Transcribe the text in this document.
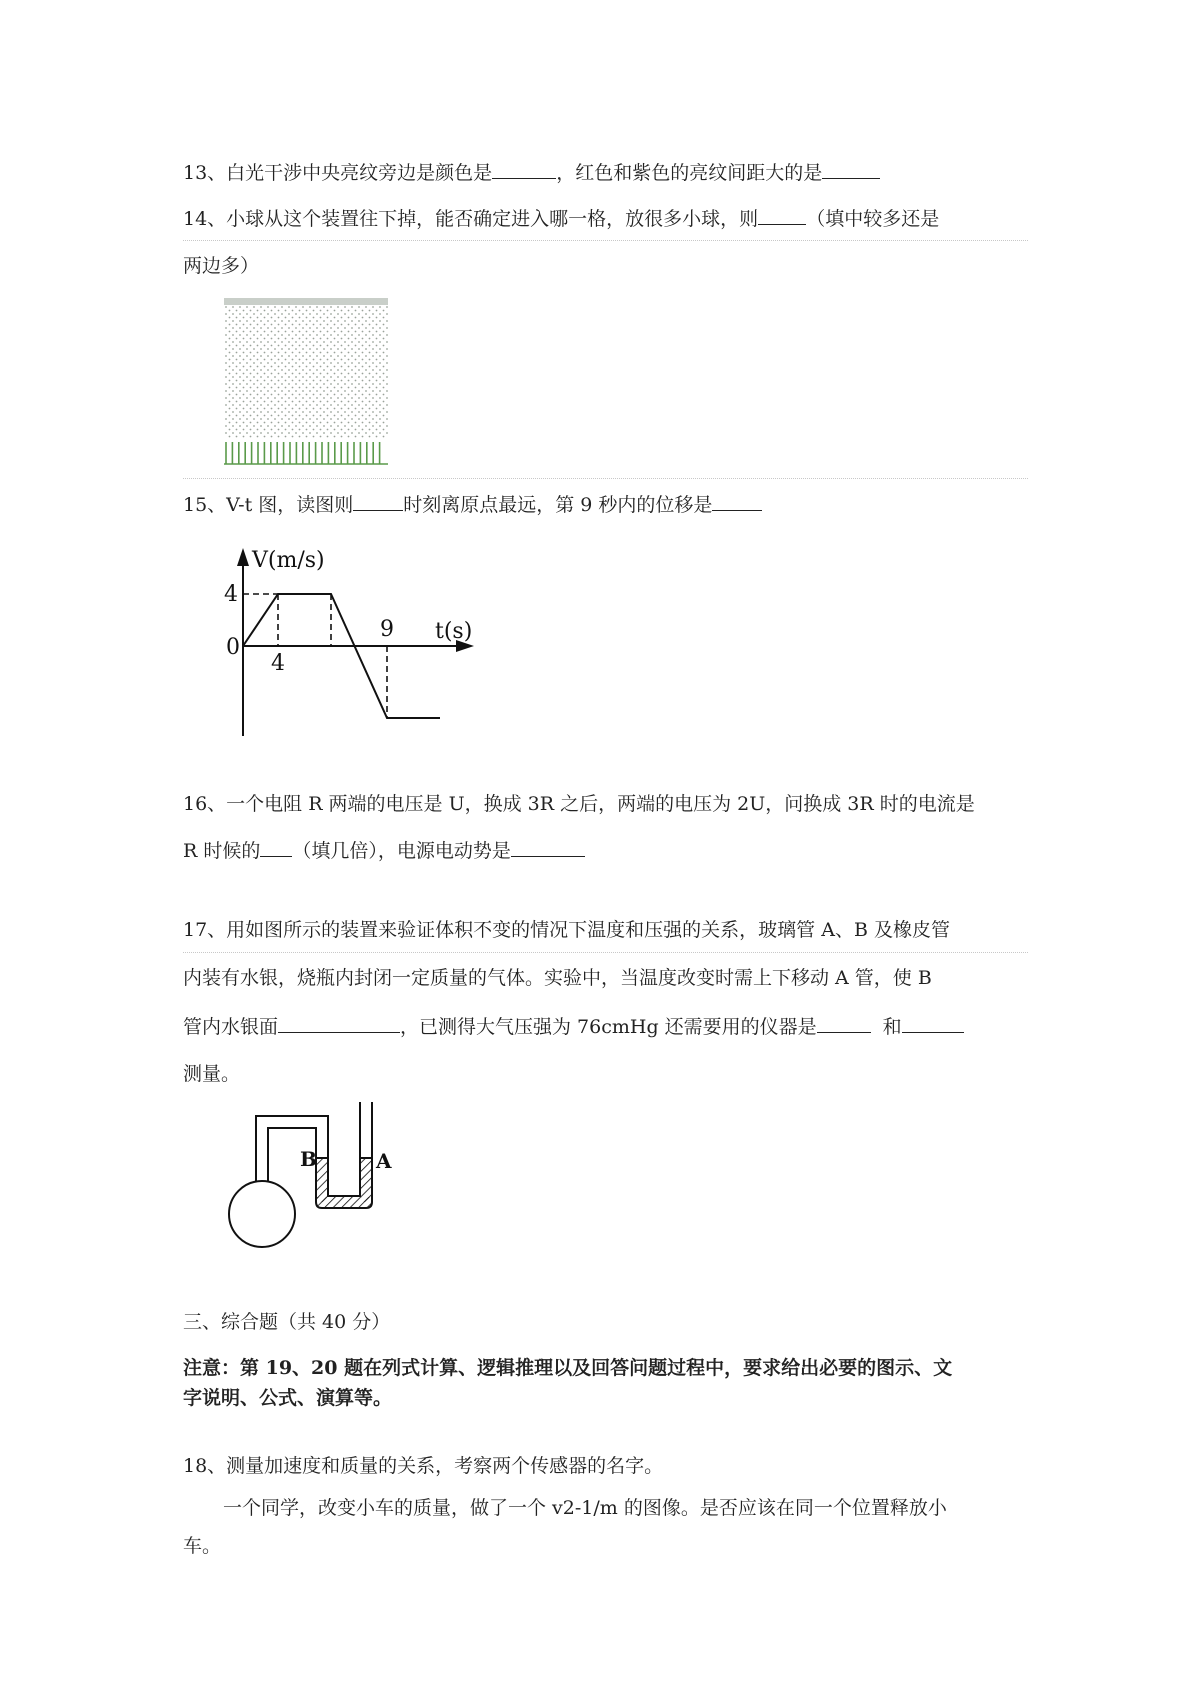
13、白光干涉中央亮纹旁边是颜色是	，红色和紫色的亮纹间距大的是
14、小球从这个装置往下掉，能否确定进入哪一格，放很多小球，则	（填中较多还是
两边多）
15、V-t 图，读图则	时刻离原点最远，第 9 秒内的位移是
V(m/s)
t(s)
0
4
4
9
16、一个电阻 R 两端的电压是 U，换成 3R 之后，两端的电压为 2U，问换成 3R 时的电流是
R 时候的 （填几倍），电源电动势是
17、用如图所示的装置来验证体积不变的情况下温度和压强的关系，玻璃管 A、B 及橡皮管
内装有水银，烧瓶内封闭一定质量的气体。实验中，当温度改变时需上下移动 A 管，使 B
管内水银面	，已测得大气压强为 76cmHg 还需要用的仪器是	和
测量。
B	A
三、综合题（共 40 分）
注意：第 19、20 题在列式计算、逻辑推理以及回答问题过程中，要求给出必要的图示、文
字说明、公式、演算等。
18、测量加速度和质量的关系，考察两个传感器的名字。
一个同学，改变小车的质量，做了一个 v2-1/m 的图像。是否应该在同一个位置释放小
车。
